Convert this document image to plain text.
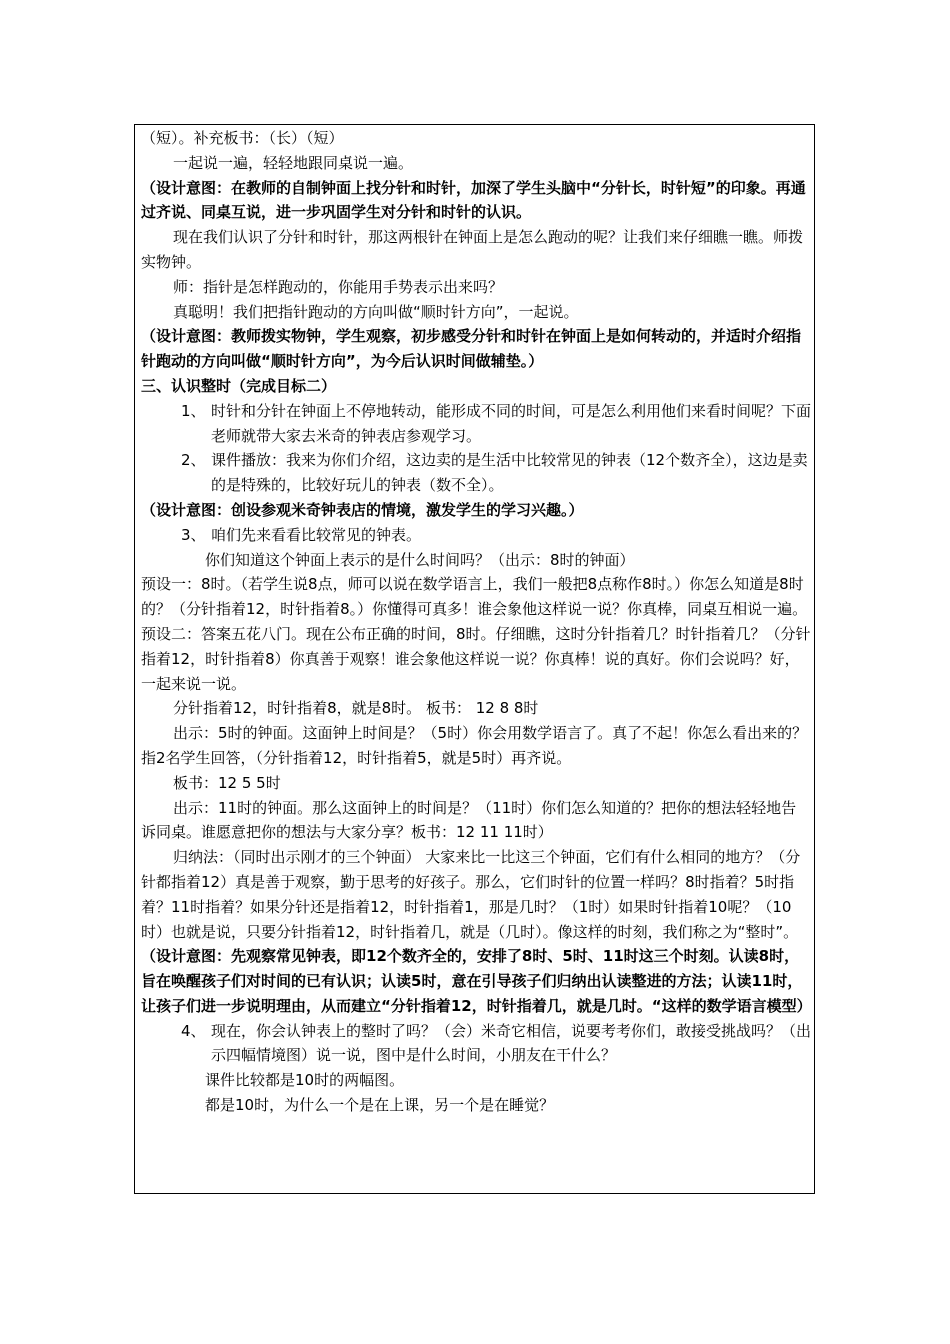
（短）。补充板书：（长）（短）
一起说一遍，轻轻地跟同桌说一遍。
（设计意图：在教师的自制钟面上找分针和时针，加深了学生头脑中“分针长，时针短”的印象。再通过齐说、同桌互说，进一步巩固学生对分针和时针的认识。
现在我们认识了分针和时针，那这两根针在钟面上是怎么跑动的呢？让我们来仔细瞧一瞧。师拨实物钟。
师：指针是怎样跑动的，你能用手势表示出来吗？
真聪明！我们把指针跑动的方向叫做“顺时针方向”，一起说。
（设计意图：教师拨实物钟，学生观察，初步感受分针和时针在钟面上是如何转动的，并适时介绍指针跑动的方向叫做“顺时针方向”，为今后认识时间做辅垫。）
三、认识整时（完成目标二）
1、 时针和分针在钟面上不停地转动，能形成不同的时间，可是怎么利用他们来看时间呢？下面老师就带大家去米奇的钟表店参观学习。
2、 课件播放：我来为你们介绍，这边卖的是生活中比较常见的钟表（12个数齐全），这边是卖的是特殊的，比较好玩儿的钟表（数不全）。
（设计意图：创设参观米奇钟表店的情境，激发学生的学习兴趣。）
3、 咱们先来看看比较常见的钟表。
你们知道这个钟面上表示的是什么时间吗？（出示：8时的钟面）
预设一：8时。（若学生说8点，师可以说在数学语言上，我们一般把8点称作8时。）你怎么知道是8时的？（分针指着12，时针指着8。）你懂得可真多！谁会象他这样说一说？你真棒，同桌互相说一遍。
预设二：答案五花八门。现在公布正确的时间，8时。仔细瞧，这时分针指着几？时针指着几？（分针指着12，时针指着8）你真善于观察！谁会象他这样说一说？你真棒！说的真好。你们会说吗？好，一起来说一说。
分针指着12，时针指着8，就是8时。 板书： 12 8 8时
出示：5时的钟面。这面钟上时间是？（5时）你会用数学语言了。真了不起！你怎么看出来的？指2名学生回答，（分针指着12，时针指着5，就是5时）再齐说。
板书：12 5 5时
出示：11时的钟面。那么这面钟上的时间是？（11时）你们怎么知道的？把你的想法轻轻地告诉同桌。谁愿意把你的想法与大家分享？板书：12 11 11时）
归纳法：（同时出示刚才的三个钟面） 大家来比一比这三个钟面，它们有什么相同的地方？（分针都指着12）真是善于观察，勤于思考的好孩子。那么，它们时针的位置一样吗？8时指着？5时指着？11时指着？如果分针还是指着12，时针指着1，那是几时？（1时）如果时针指着10呢？（10时）也就是说，只要分针指着12，时针指着几，就是（几时）。像这样的时刻，我们称之为“整时”。
（设计意图：先观察常见钟表，即12个数齐全的，安排了8时、5时、11时这三个时刻。认读8时，旨在唤醒孩子们对时间的已有认识；认读5时，意在引导孩子们归纳出认读整进的方法；认读11时，让孩子们进一步说明理由，从而建立“分针指着12，时针指着几，就是几时。“这样的数学语言模型）
4、 现在，你会认钟表上的整时了吗？（会）米奇它相信，说要考考你们，敢接受挑战吗？（出示四幅情境图）说一说，图中是什么时间，小朋友在干什么？
课件比较都是10时的两幅图。
都是10时，为什么一个是在上课，另一个是在睡觉？
